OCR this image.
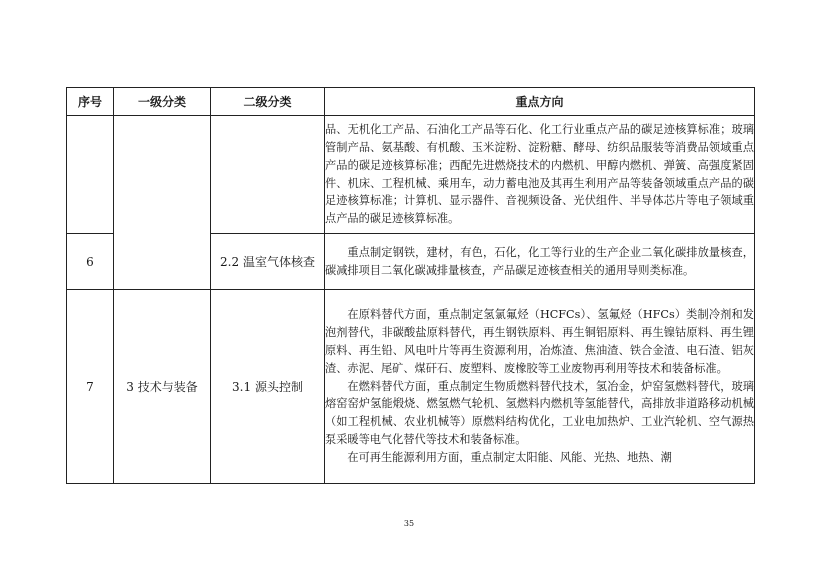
序号	一级分类	二级分类	重点方向

			品、无机化工产品、石油化工产品等石化、化工行业重点产品的碳足迹核算标准；玻璃管制产品、氨基酸、有机酸、玉米淀粉、淀粉糖、酵母、纺织品服装等消费品领域重点产品的碳足迹核算标准；西配先进燃烧技术的内燃机、甲醇内燃机、弹簧、高强度紧固件、机床、工程机械、乘用车，动力蓄电池及其再生利用产品等装备领域重点产品的碳足迹核算标准；计算机、显示器件、音视频设备、光伏组件、半导体芯片等电子领域重点产品的碳足迹核算标准。

6		2.2 温室气体核查	重点制定钢铁，建材，有色，石化，化工等行业的生产企业二氧化碳排放量核查，碳减排项目二氧化碳减排量核查，产品碳足迹核查相关的通用导则类标准。

7	3 技术与装备	3.1 源头控制	在原料替代方面，重点制定氢氯氟烃（HCFCs）、氢氟烃（HFCs）类制冷剂和发泡剂替代，非碳酸盐原料替代，再生钢铁原料、再生铜铝原料、再生镍钴原料、再生锂原料、再生铅、风电叶片等再生资源利用，冶炼渣、焦油渣、铁合金渣、电石渣、铝灰渣、赤泥、尾矿、煤矸石、废塑料、废橡胶等工业废物再利用等技术和装备标准。

在燃料替代方面，重点制定生物质燃料替代技术，氢冶金，炉窑氢燃料替代，玻璃熔窑窑炉氢能煅烧、燃氢燃气轮机、氢燃料内燃机等氢能替代，高排放非道路移动机械（如工程机械、农业机械等）原燃料结构优化，工业电加热炉、工业汽轮机、空气源热泵采暖等电气化替代等技术和装备标准。

在可再生能源利用方面，重点制定太阳能、风能、光热、地热、潮

35
